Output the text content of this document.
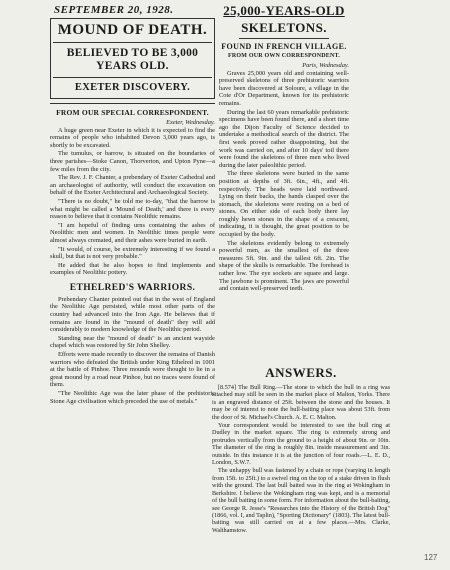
SEPTEMBER 20, 1928.
MOUND OF DEATH.
BELIEVED TO BE 3,000 YEARS OLD.
EXETER DISCOVERY.
FROM OUR SPECIAL CORRESPONDENT.
Exeter, Wednesday.

A huge green near Exeter in which it is expected to find the remains of people who inhabited Devon 3,000 years ago, is shortly to be excavated.

The tumulus, or barrow, is situated on the boundaries of three parishes—Stoke Canon, Thorverton, and Upton Pyne—a few miles from the city.

The Rev. J. F. Chanter, a prebendary of Exeter Cathedral and an archaeologist of authority, will conduct the excavation on behalf of the Exeter Architectural and Archaeological Society.

"There is no doubt," he told me to-day, "that the barrow is what might be called a 'Mound of Death,' and there is every reason to believe that it contains Neolithic remains.

"I am hopeful of finding urns containing the ashes of Neolithic men and women. In Neolithic times people were almost always cremated, and their ashes were buried in earth.

"It would, of course, be extremely interesting if we found a skull, but that is not very probable."

He added that he also hopes to find implements and examples of Neolithic pottery.

ETHELRED'S WARRIORS.

Prebendary Chanter pointed out that in the west of England the Neolithic Age persisted, while most other parts of the country had advanced into the Iron Age. He believes that if remains are found in the "mound of death" they will add considerably to modern knowledge of the Neolithic period.

Standing near the "mound of death" is an ancient wayside chapel which was restored by Sir John Shelley.

Efforts were made recently to discover the remains of Danish warriors who defeated the British under King Ethelred in 1001 at the battle of Pinhoe. Three mounds were thought to lie in a great mound by a road near Pinhoe, but no traces were found of them.

"The Neolithic Age was the later phase of the prehistoric Stone Age civilisation which preceded the use of metals."

25,000-YEARS-OLD
SKELETONS.
FOUND IN FRENCH VILLAGE.
FROM OUR OWN CORRESPONDENT.
Paris, Wednesday.

Graves 25,000 years old and containing well-preserved skeletons of three prehistoric warriors have been discovered at Soloure, a village in the Cote d'Or Department, known for its prehistoric remains.

During the last 60 years remarkable prehistoric specimens have been found there, and a short time ago the Dijon Faculty of Science decided to undertake a methodical search of the district. The first week proved rather disappointing, but the work was carried on, and after 10 days' toil there were found the skeletons of three men who lived during the later paleolithic period.

The three skeletons were buried in the same position at depths of 3ft. 6in., 4ft., and 4ft. respectively. The heads were laid northward. Lying on their backs, the hands clasped over the stomach, the skeletons were resting on a bed of stones. On either side of each body there lay roughly hewn stones in the shape of a crescent, indicating, it is thought, the great position to be occupied by the body.

The skeletons evidently belong to extremely powerful men, as the smallest of the three measures 5ft. 9in. and the tallest 6ft. 2in. The shape of the skulls is remarkable. The forehead is rather low. The eye sockets are square and large. The jawbone is prominent. The jaws are powerful and contain well-preserved teeth.

ANSWERS.

[8.574] The Bull Ring.—The stone to which the bull in a ring was attached may still be seen in the market place of Malton, Yorks. There is an engraved distance of 25ft. between the stone and the houses. It may be of interest to note the bull-baiting place was about 53ft. from the door of St. Michael's Church. A. E. C. Malton.

Your correspondent would be interested to see the bull ring at Dudley in the market square. The ring is extremely strong and protrudes vertically from the ground to a height of about 9in. or 10in. The diameter of the ring is roughly 8in. inside measurement and 3in. outside. In this instance it is at the junction of four roads.—L. E. D., London, S.W.7.

The unhappy bull was fastened by a chain or rope (varying in length from 15ft. to 25ft.) to a swivel ring on the top of a stake driven in flush with the ground. The last bull baited was in the ring at Wokingham in Berkshire. I believe the Wokingham ring was kept, and is a memorial of the bull baiting in some form. For information about the bull-baiting, see George R. Jesse's "Researches into the History of the British Dog" (1866, vol. I, and Taplin), "Sporting Dictionary" (1803). The latest bull-baiting was still carried on at a few places.—Mrs. Clarke, Walthamstow.

127
